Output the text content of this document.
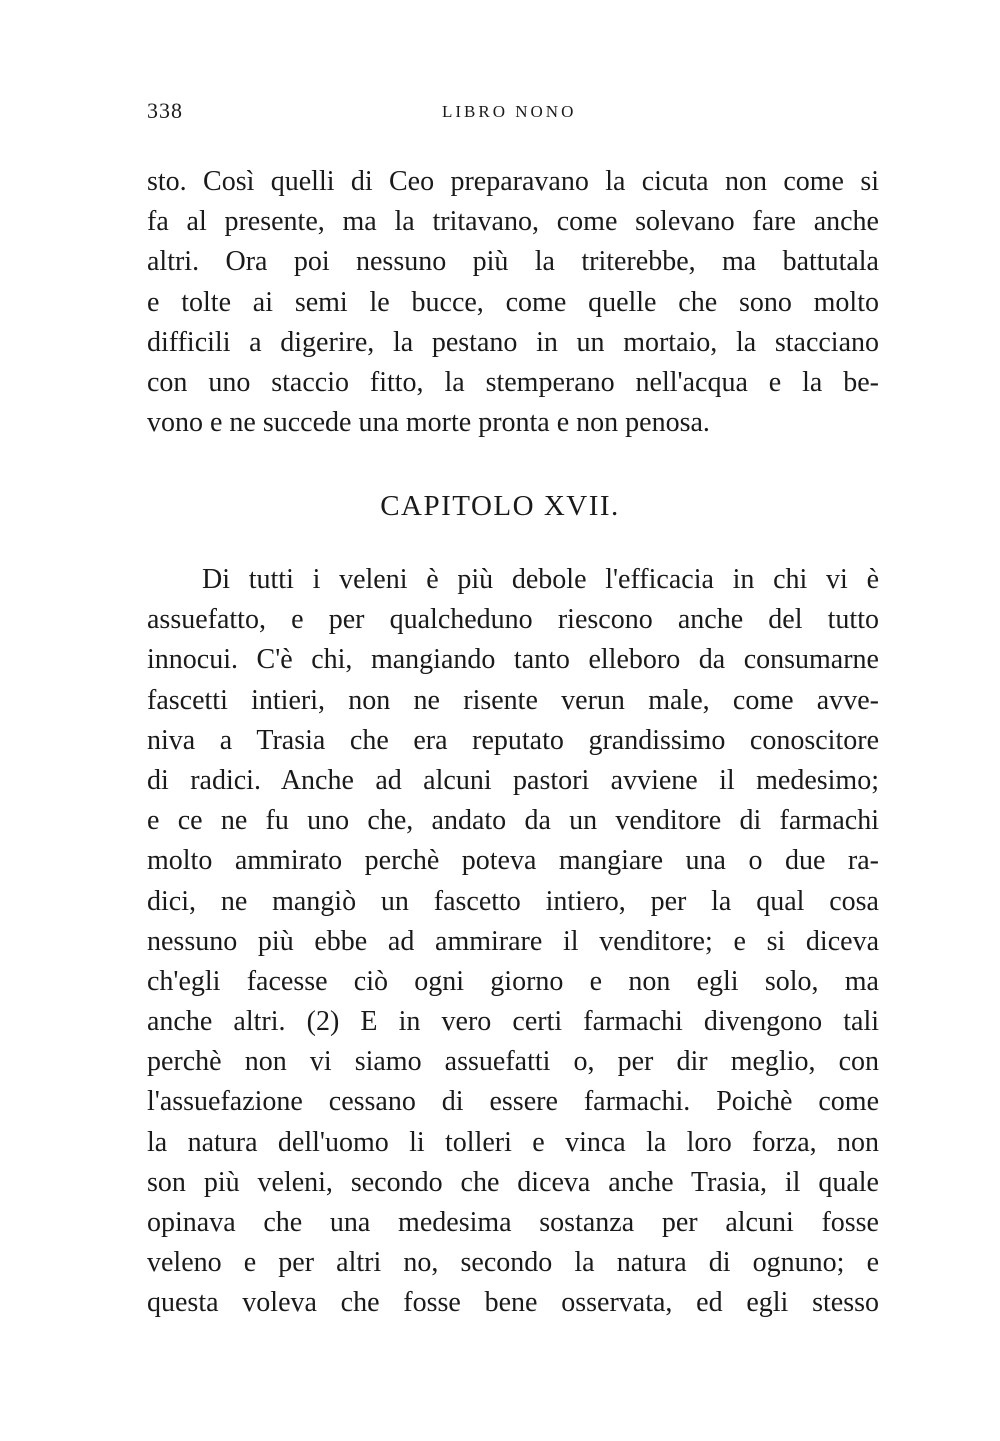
338	LIBRO NONO
sto. Così quelli di Ceo preparavano la cicuta non come si
fa al presente, ma la tritavano, come solevano fare anche
altri. Ora poi nessuno più la triterebbe, ma battutala
e tolte ai semi le bucce, come quelle che sono molto
difficili a digerire, la pestano in un mortaio, la stacciano
con uno staccio fitto, la stemperano nell'acqua e la be-
vono e ne succede una morte pronta e non penosa.
CAPITOLO XVII.
Di tutti i veleni è più debole l'efficacia in chi vi è
assuefatto, e per qualcheduno riescono anche del tutto
innocui. C'è chi, mangiando tanto elleboro da consumarne
fascetti intieri, non ne risente verun male, come avve-
niva a Trasia che era reputato grandissimo conoscitore
di radici. Anche ad alcuni pastori avviene il medesimo;
e ce ne fu uno che, andato da un venditore di farmachi
molto ammirato perchè poteva mangiare una o due ra-
dici, ne mangiò un fascetto intiero, per la qual cosa
nessuno più ebbe ad ammirare il venditore; e si diceva
ch'egli facesse ciò ogni giorno e non egli solo, ma
anche altri. (2) E in vero certi farmachi divengono tali
perchè non vi siamo assuefatti o, per dir meglio, con
l'assuefazione cessano di essere farmachi. Poichè come
la natura dell'uomo li tolleri e vinca la loro forza, non
son più veleni, secondo che diceva anche Trasia, il quale
opinava che una medesima sostanza per alcuni fosse
veleno e per altri no, secondo la natura di ognuno; e
questa voleva che fosse bene osservata, ed egli stesso
